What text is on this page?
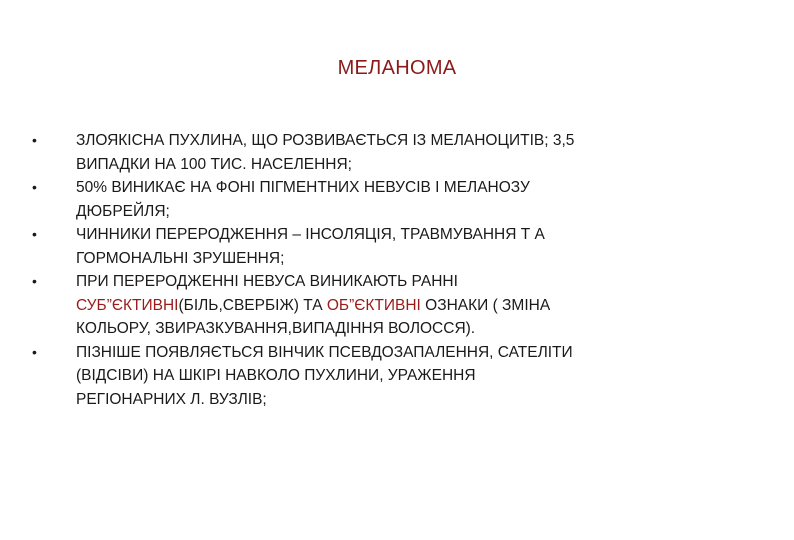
МЕЛАНОМА
•	ЗЛОЯКІСНА ПУХЛИНА, ЩО РОЗВИВАЄТЬСЯ ІЗ МЕЛАНОЦИТІВ; 3,5
ВИПАДКИ НА 100 ТИС. НАСЕЛЕННЯ;
•	50% ВИНИКАЄ НА ФОНІ ПІГМЕНТНИХ НЕВУСІВ І МЕЛАНОЗУ
ДЮБРЕЙЛЯ;
•	ЧИННИКИ ПЕРЕРОДЖЕННЯ – ІНСОЛЯЦІЯ, ТРАВМУВАННЯ Т А
ГОРМОНАЛЬНІ ЗРУШЕННЯ;
•	ПРИ ПЕРЕРОДЖЕННІ НЕВУСА ВИНИКАЮТЬ РАННІ
СУБ”ЄКТИВНІ(БІЛЬ,СВЕРБІЖ) ТА ОБ”ЄКТИВНІ ОЗНАКИ ( ЗМІНА
КОЛЬОРУ, ЗВИРАЗКУВАННЯ,ВИПАДІННЯ ВОЛОССЯ).
•	ПІЗНІШЕ ПОЯВЛЯЄТЬСЯ ВІНЧИК ПСЕВДОЗАПАЛЕННЯ, САТЕЛІТИ
(ВІДСІВИ) НА ШКІРІ НАВКОЛО ПУХЛИНИ, УРАЖЕННЯ
РЕГІОНАРНИХ Л. ВУЗЛІВ;
